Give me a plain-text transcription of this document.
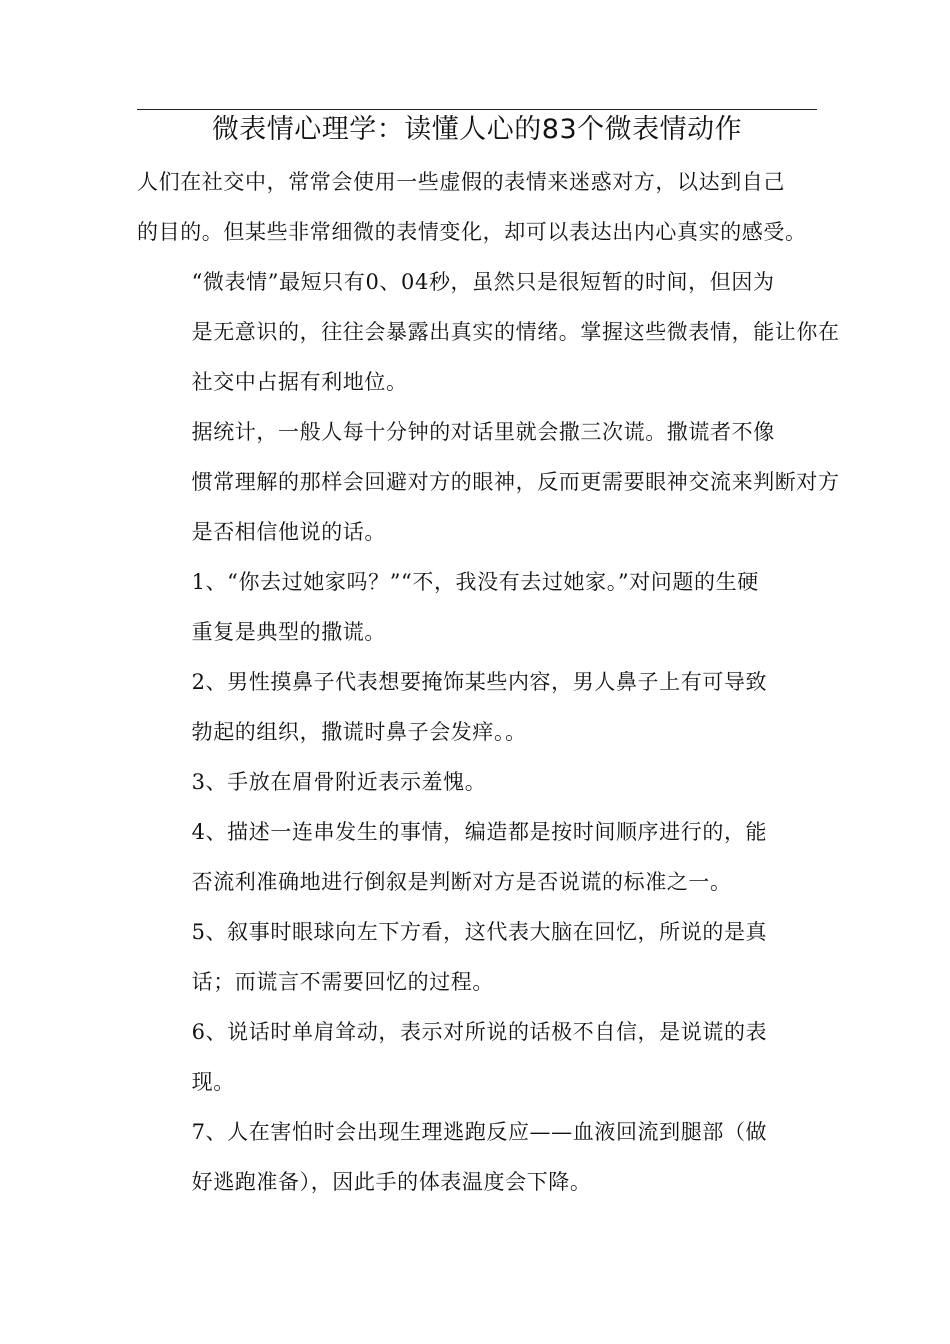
微表情心理学：读懂人心的83个微表情动作
人们在社交中，常常会使用一些虚假的表情来迷惑对方，以达到自己
的目的。但某些非常细微的表情变化，却可以表达出内心真实的感受。
“微表情”最短只有0、04秒，虽然只是很短暂的时间，但因为
是无意识的，往往会暴露出真实的情绪。掌握这些微表情，能让你在
社交中占据有利地位。
据统计，一般人每十分钟的对话里就会撒三次谎。撒谎者不像
惯常理解的那样会回避对方的眼神，反而更需要眼神交流来判断对方
是否相信他说的话。
1、“你去过她家吗？”“不，我没有去过她家。”对问题的生硬
重复是典型的撒谎。
2、男性摸鼻子代表想要掩饰某些内容，男人鼻子上有可导致
勃起的组织，撒谎时鼻子会发痒。。
3、手放在眉骨附近表示羞愧。
4、描述一连串发生的事情，编造都是按时间顺序进行的，能
否流利准确地进行倒叙是判断对方是否说谎的标准之一。
5、叙事时眼球向左下方看，这代表大脑在回忆，所说的是真
话；而谎言不需要回忆的过程。
6、说话时单肩耸动，表示对所说的话极不自信，是说谎的表
现。
7、人在害怕时会出现生理逃跑反应——血液回流到腿部（做
好逃跑准备），因此手的体表温度会下降。
